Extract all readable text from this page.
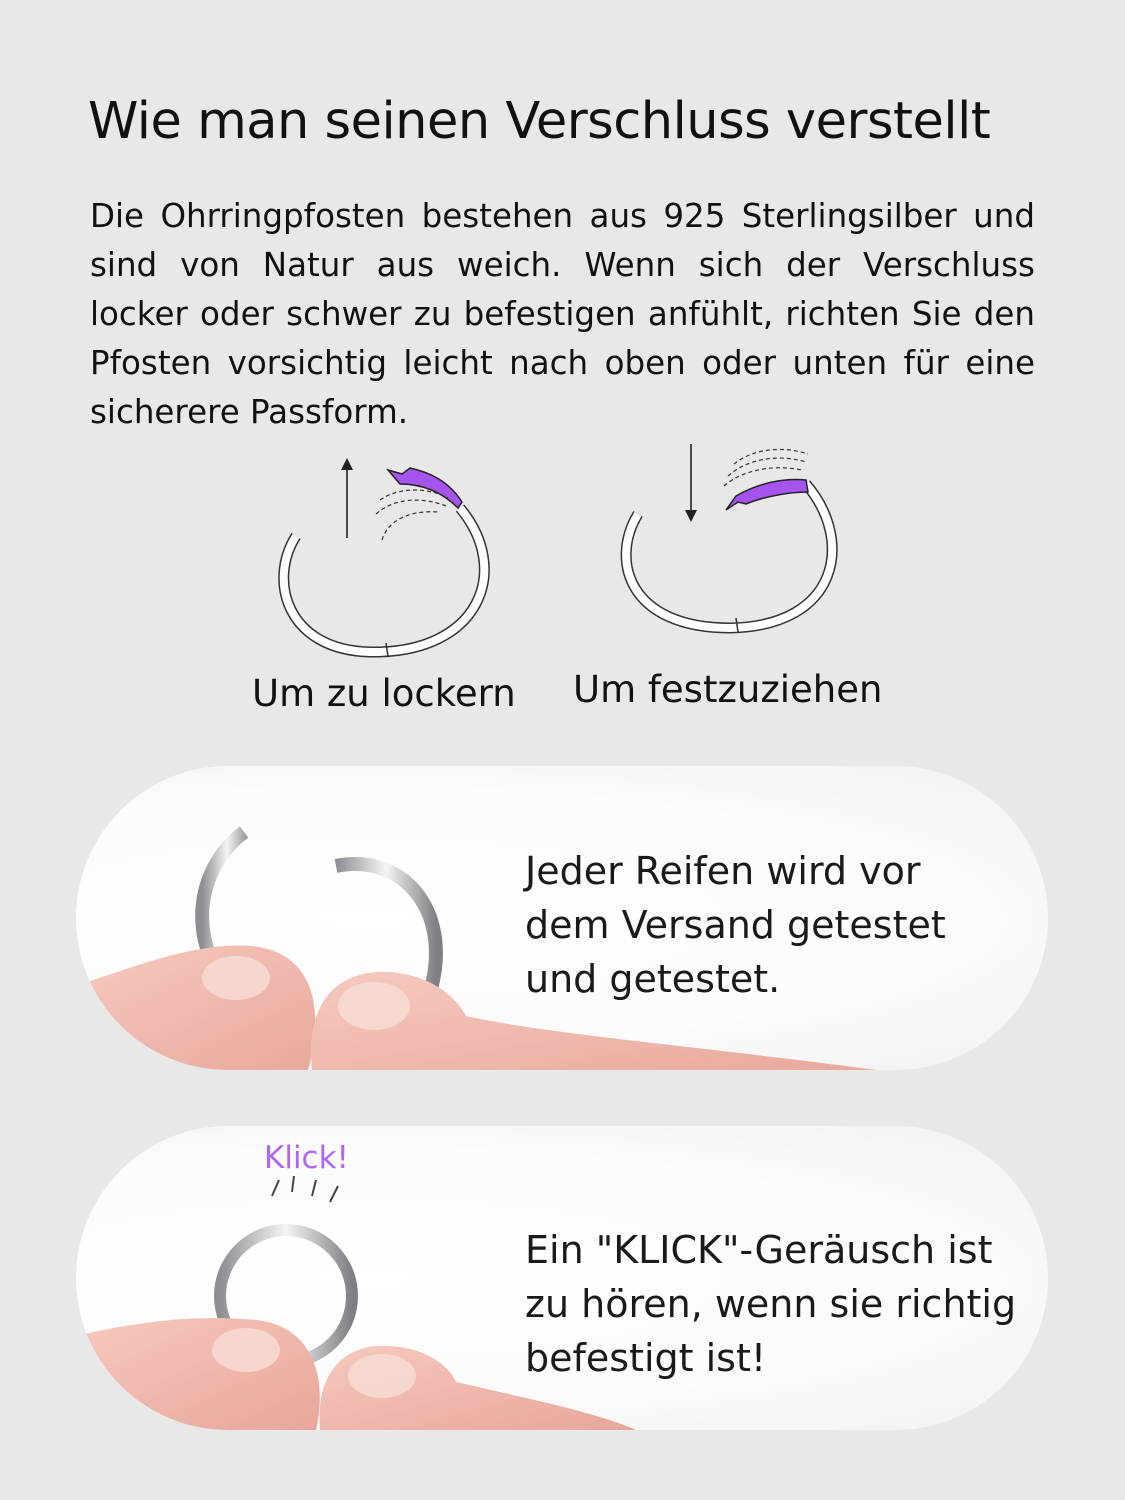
Wie man seinen Verschluss verstellt
Die Ohrringpfosten bestehen aus 925 Sterlingsilber und sind von Natur aus weich. Wenn sich der Verschluss locker oder schwer zu befestigen anfühlt, richten Sie den Pfosten vorsichtig leicht nach oben oder unten für eine sicherere Passform.
Um zu lockern Um festzuziehen
Jeder Reifen wird vor
dem Versand getestet
und getestet.
Klick!
Ein "KLICK"-Geräusch ist
zu hören, wenn sie richtig
befestigt ist!
